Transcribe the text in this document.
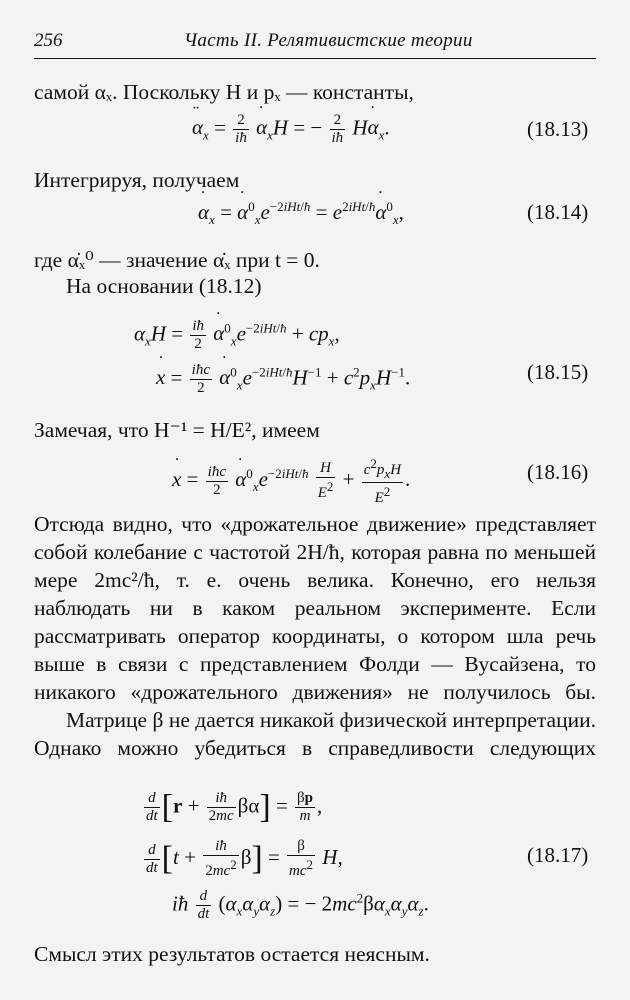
256	Часть II. Релятивистские теории

самой αₓ. Поскольку H и pₓ — константы,

¨ $\alpha_x = \frac{2}{iħ}$ ˙ $\alpha_xH$ = − $\frac{2}{iħ}$ H˙ $\alpha_x$.	(18.13)

Интегрируя, получаем

˙ $\alpha_x$ = ˙ $\alpha^0_xe^{-2iHt/ħ}$ = $e^{2iHt/ħ}˙$ $\alpha^0_x$,	(18.14)

где α̇ₓ⁰ — значение α̇ₓ при t = 0.

На основании (18.12)

$\alpha_xH = \frac{iħ}{2}$ ˙ $\alpha^0_xe^{-2iHt/ħ} + cp_x$,
˙ $x = \frac{\text{iħc}}{2}$ ˙ $\alpha^0_xe^{-2iHt/ħ}H^{-1} + c^2p_xH^{-1}$.	(18.15)

Замечая, что H⁻¹ = H/E², имеем

˙ $x = \frac{\text{iħc}}{2}$ ˙ $\alpha^0_xe^{-2iHt/ħ} \frac{H}{E^2} + \frac{c^2p_xH}{E^2}$ .	(18.16)

Отсюда видно, что «дрожательное движение» представляет собой колебание с частотой 2H/ħ, которая равна по меньшей мере 2mc²/ħ, т. е. очень велика. Конечно, его нельзя наблюдать ни в каком реальном эксперименте. Если рассматривать оператор координаты, о котором шла речь выше в связи с представлением Фолди — Вусайзена, то никакого «дрожательного движения» не получилось бы.

Матрице β не дается никакой физической интерпретации. Однако можно убедиться в справедливости следующих

$\frac{d}{dt} [r + \frac{iħ}{2mc} \beta\alpha] = \frac{\beta p}{m}$ ,
$\frac{d}{dt} [t + \frac{iħ}{2mc^2} \beta] = \frac{\beta}{mc^2} H$,	(18.17)
iħ $\frac{d}{dt} (\alpha_x\alpha_y\alpha_z)$ = − $2mc^2\beta\alpha_x\alpha_y\alpha_z$.

Смысл этих результатов остается неясным.
